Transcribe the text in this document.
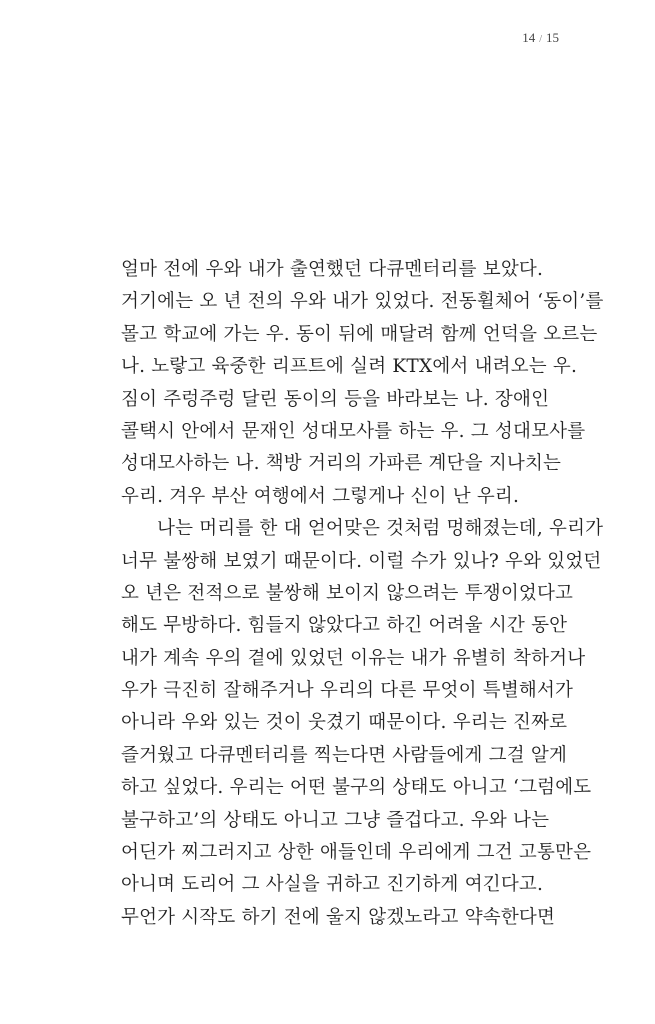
14 / 15
얼마 전에 우와 내가 출연했던 다큐멘터리를 보았다.
거기에는 오 년 전의 우와 내가 있었다. 전동휠체어 ‘동이’를
몰고 학교에 가는 우. 동이 뒤에 매달려 함께 언덕을 오르는
나. 노랗고 육중한 리프트에 실려 KTX에서 내려오는 우.
짐이 주렁주렁 달린 동이의 등을 바라보는 나. 장애인
콜택시 안에서 문재인 성대모사를 하는 우. 그 성대모사를
성대모사하는 나. 책방 거리의 가파른 계단을 지나치는
우리. 겨우 부산 여행에서 그렇게나 신이 난 우리.
나는 머리를 한 대 얻어맞은 것처럼 멍해졌는데, 우리가
너무 불쌍해 보였기 때문이다. 이럴 수가 있나? 우와 있었던
오 년은 전적으로 불쌍해 보이지 않으려는 투쟁이었다고
해도 무방하다. 힘들지 않았다고 하긴 어려울 시간 동안
내가 계속 우의 곁에 있었던 이유는 내가 유별히 착하거나
우가 극진히 잘해주거나 우리의 다른 무엇이 특별해서가
아니라 우와 있는 것이 웃겼기 때문이다. 우리는 진짜로
즐거웠고 다큐멘터리를 찍는다면 사람들에게 그걸 알게
하고 싶었다. 우리는 어떤 불구의 상태도 아니고 ‘그럼에도
불구하고’의 상태도 아니고 그냥 즐겁다고. 우와 나는
어딘가 찌그러지고 상한 애들인데 우리에게 그건 고통만은
아니며 도리어 그 사실을 귀하고 진기하게 여긴다고.
무언가 시작도 하기 전에 울지 않겠노라고 약속한다면
